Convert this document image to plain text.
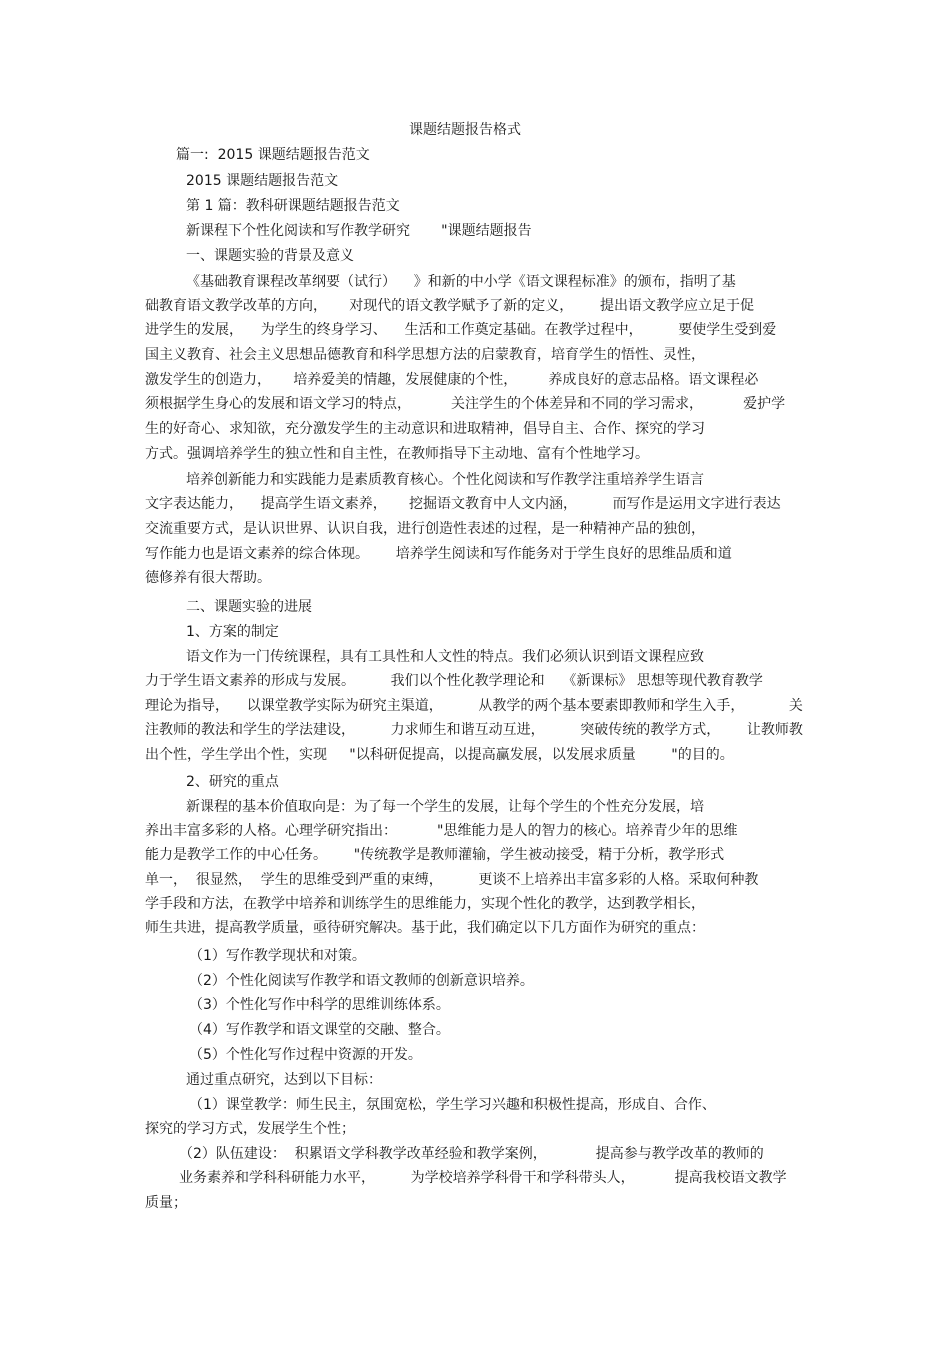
课题结题报告格式
篇一:  2015 课题结题报告范文
2015 课题结题报告范文
第 1 篇：教科研课题结题报告范文
新课程下个性化阅读和写作教学研究       "课题结题报告
一、课题实验的背景及意义
《基础教育课程改革纲要（试行）    》和新的中小学《语文课程标准》的颁布，指明了基
础教育语文教学改革的方向，     对现代的语文教学赋予了新的定义，      提出语文教学应立足于促
进学生的发展，    为学生的终身学习、    生活和工作奠定基础。在教学过程中，        要使学生受到爱
国主义教育、社会主义思想品德教育和科学思想方法的启蒙教育，培育学生的悟性、灵性，
激发学生的创造力，     培养爱美的情趣，发展健康的个性，       养成良好的意志品格。语文课程必
须根据学生身心的发展和语文学习的特点，         关注学生的个体差异和不同的学习需求，         爱护学
生的好奇心、求知欲，充分激发学生的主动意识和进取精神，倡导自主、合作、探究的学习
方式。强调培养学生的独立性和自主性，在教师指导下主动地、富有个性地学习。
培养创新能力和实践能力是素质教育核心。个性化阅读和写作教学注重培养学生语言
文字表达能力，    提高学生语文素养，     挖掘语文教育中人文内涵，        而写作是运用文字进行表达
交流重要方式，是认识世界、认识自我，进行创造性表述的过程，是一种精神产品的独创，
写作能力也是语文素养的综合体现。      培养学生阅读和写作能务对于学生良好的思维品质和道
德修养有很大帮助。
二、课题实验的进展
1、方案的制定
语文作为一门传统课程，具有工具性和人文性的特点。我们必须认识到语文课程应致
力于学生语文素养的形成与发展。        我们以个性化教学理论和    《新课标》 思想等现代教育教学
理论为指导，    以课堂教学实际为研究主渠道，        从教学的两个基本要素即教师和学生入手，          关
注教师的教法和学生的学法建设，        力求师生和谐互动互进，        突破传统的教学方式，      让教师教
出个性，学生学出个性，实现     "以科研促提高，以提高赢发展，以发展求质量        "的目的。
2、研究的重点
新课程的基本价值取向是：为了每一个学生的发展，让每个学生的个性充分发展，培
养出丰富多彩的人格。心理学研究指出：         "思维能力是人的智力的核心。培养青少年的思维
能力是教学工作的中心任务。      "传统教学是教师灌输，学生被动接受，精于分析，教学形式
单一，  很显然，  学生的思维受到严重的束缚，        更谈不上培养出丰富多彩的人格。采取何种教
学手段和方法，在教学中培养和训练学生的思维能力，实现个性化的教学，达到教学相长，
师生共进，提高教学质量，亟待研究解决。基于此，我们确定以下几方面作为研究的重点：
（1）写作教学现状和对策。
（2）个性化阅读写作教学和语文教师的创新意识培养。
（3）个性化写作中科学的思维训练体系。
（4）写作教学和语文课堂的交融、整合。
（5）个性化写作过程中资源的开发。
通过重点研究，达到以下目标：
（1）课堂教学：师生民主，氛围宽松，学生学习兴趣和积极性提高，形成自、合作、
探究的学习方式，发展学生个性；
（2）队伍建设：  积累语文学科教学改革经验和教学案例，           提高参与教学改革的教师的
业务素养和学科科研能力水平，        为学校培养学科骨干和学科带头人，         提高我校语文教学
质量；
